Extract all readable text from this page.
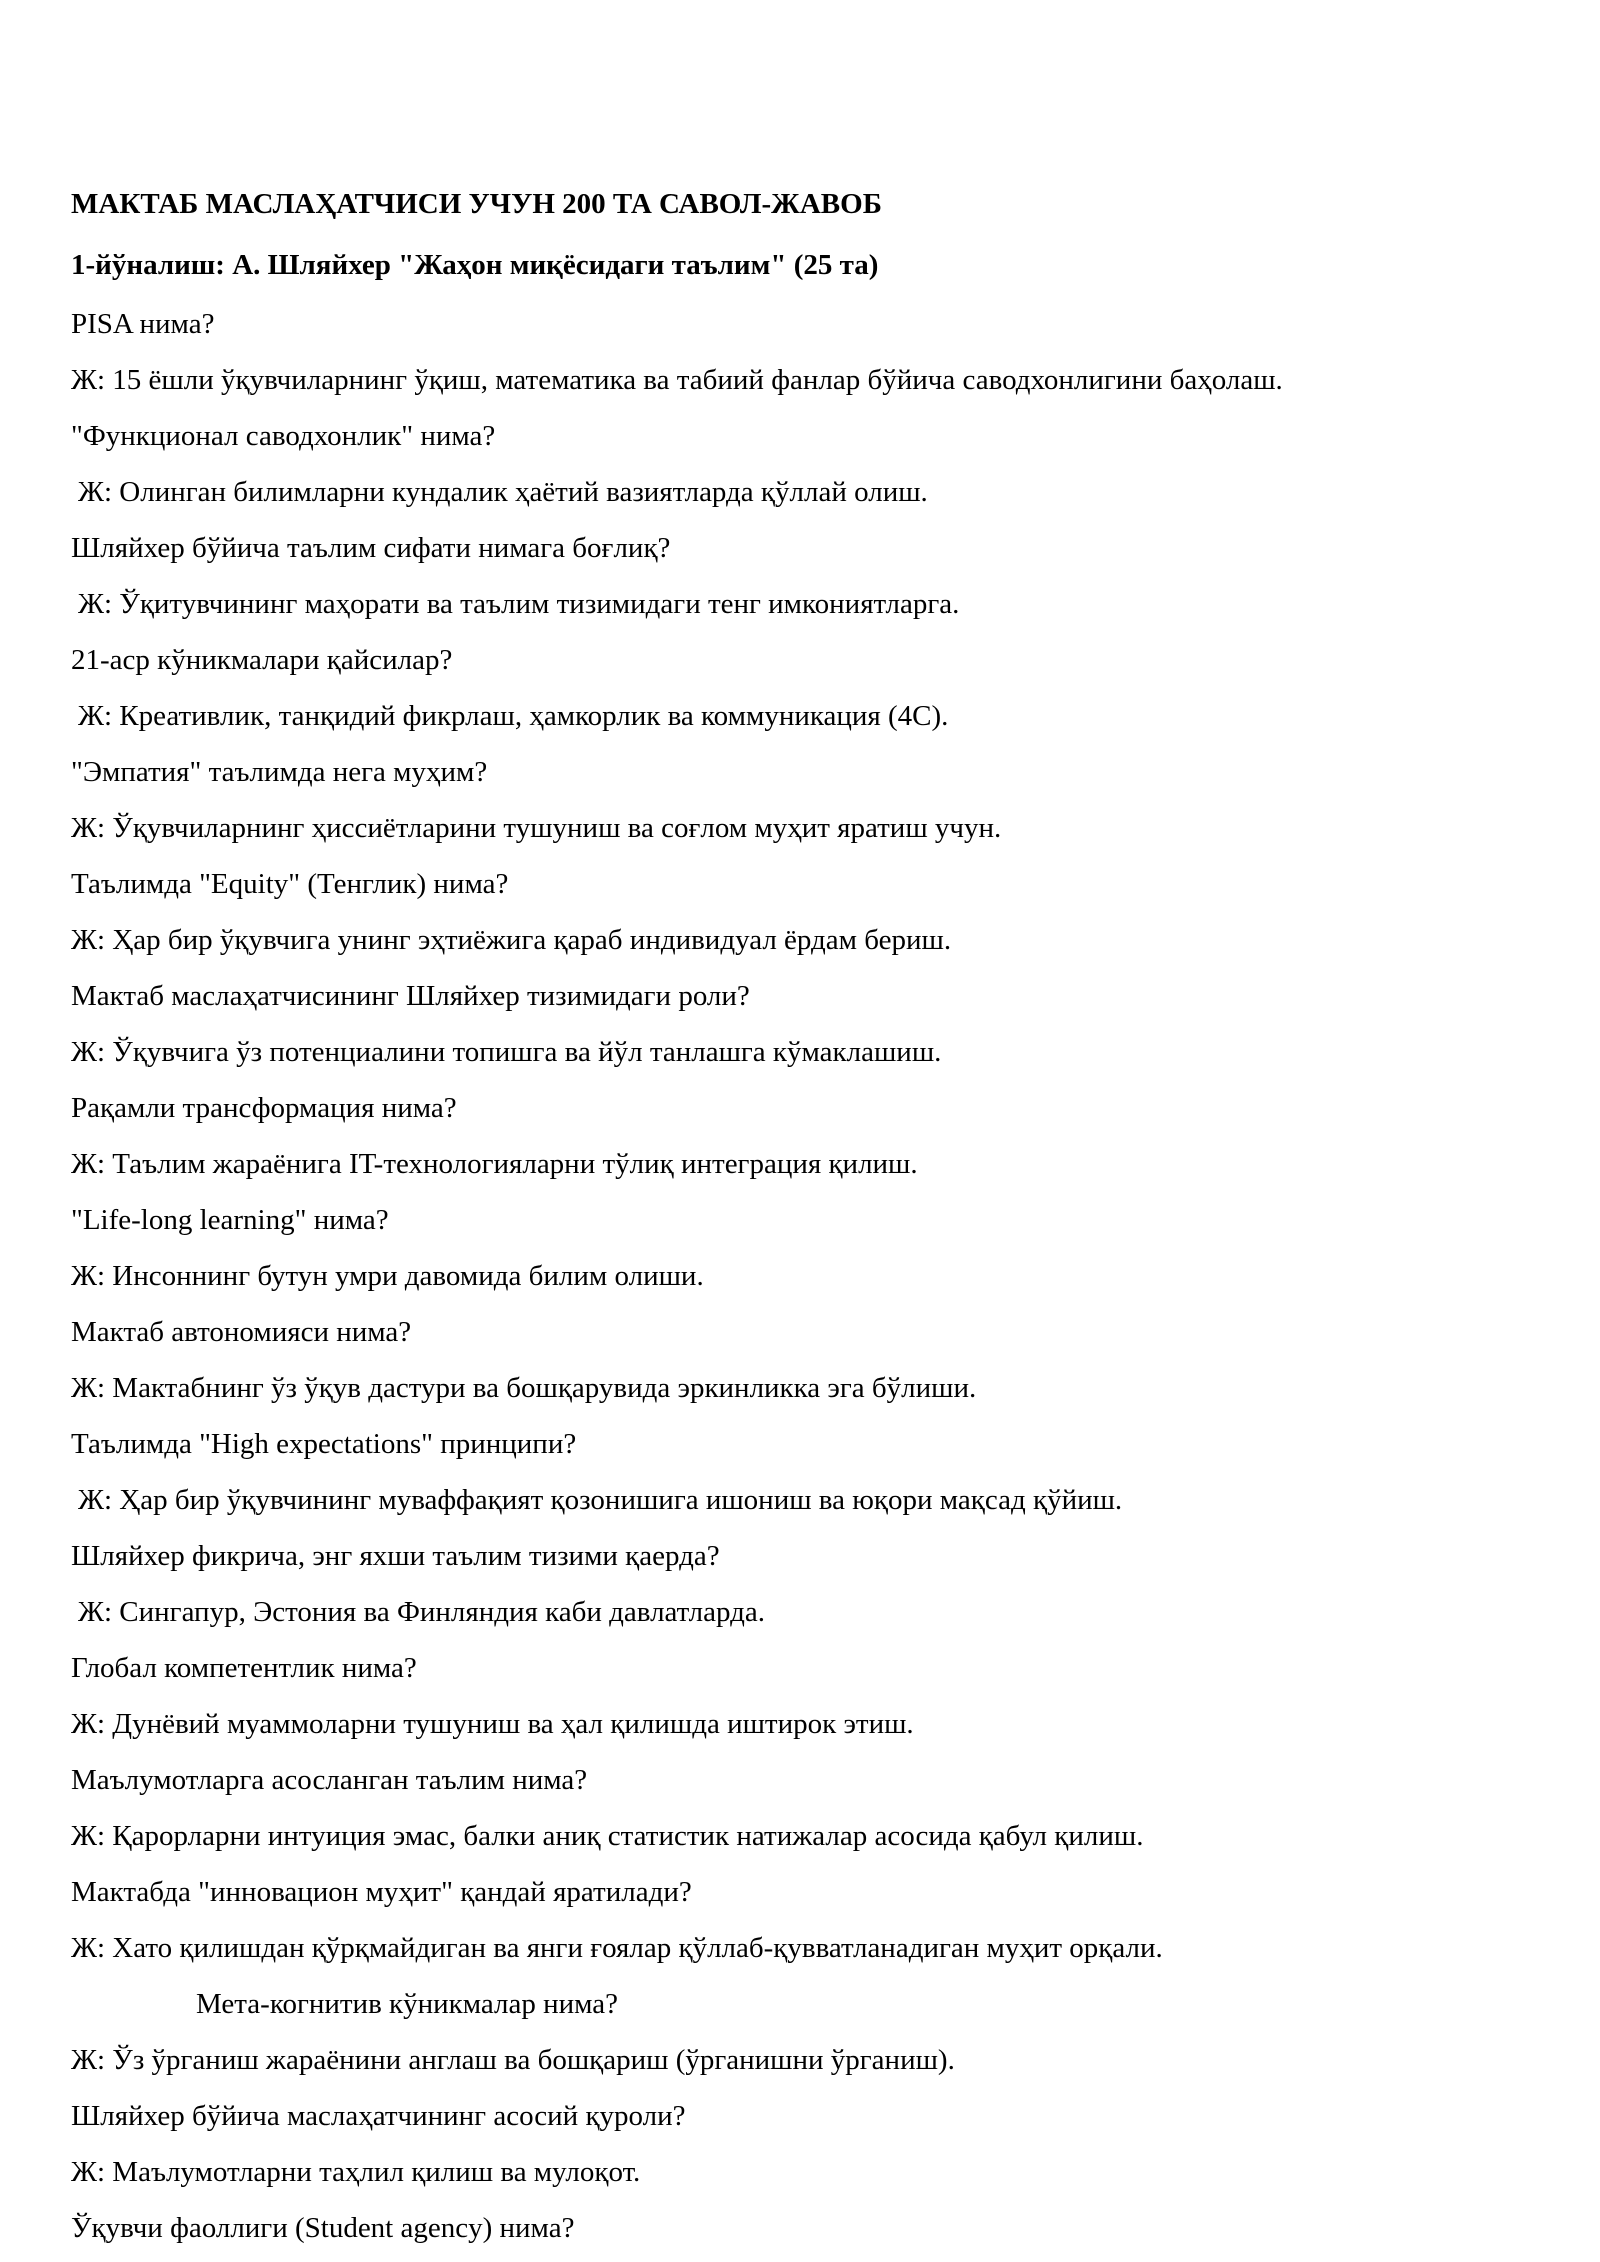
МАКТАБ МАСЛАҲАТЧИСИ УЧУН 200 ТА САВОЛ-ЖАВОБ
1-йўналиш: А. Шляйхер "Жаҳон миқёсидаги таълим" (25 та)
PISA нима?
Ж: 15 ёшли ўқувчиларнинг ўқиш, математика ва табиий фанлар бўйича саводхонлигини баҳолаш.
"Функционал саводхонлик" нима?
Ж: Олинган билимларни кундалик ҳаётий вазиятларда қўллай олиш.
Шляйхер бўйича таълим сифати нимага боғлиқ?
Ж: Ўқитувчининг маҳорати ва таълим тизимидаги тенг имкониятларга.
21-аср кўникмалари қайсилар?
Ж: Креативлик, танқидий фикрлаш, ҳамкорлик ва коммуникация (4C).
"Эмпатия" таълимда нега муҳим?
Ж: Ўқувчиларнинг ҳиссиётларини тушуниш ва соғлом муҳит яратиш учун.
Таълимда "Equity" (Тенглик) нима?
Ж: Ҳар бир ўқувчига унинг эҳтиёжига қараб индивидуал ёрдам бериш.
Мактаб маслаҳатчисининг Шляйхер тизимидаги роли?
Ж: Ўқувчига ўз потенциалини топишга ва йўл танлашга кўмаклашиш.
Рақамли трансформация нима?
Ж: Таълим жараёнига IT-технологияларни тўлиқ интеграция қилиш.
"Life-long learning" нима?
Ж: Инсоннинг бутун умри давомида билим олиши.
Мактаб автономияси нима?
Ж: Мактабнинг ўз ўқув дастури ва бошқарувида эркинликка эга бўлиши.
Таълимда "High expectations" принципи?
Ж: Ҳар бир ўқувчининг муваффақият қозонишига ишониш ва юқори мақсад қўйиш.
Шляйхер фикрича, энг яхши таълим тизими қаерда?
Ж: Сингапур, Эстония ва Финляндия каби давлатларда.
Глобал компетентлик нима?
Ж: Дунёвий муаммоларни тушуниш ва ҳал қилишда иштирок этиш.
Маълумотларга асосланган таълим нима?
Ж: Қарорларни интуиция эмас, балки аниқ статистик натижалар асосида қабул қилиш.
Мактабда "инновацион муҳит" қандай яратилади?
Ж: Хато қилишдан қўрқмайдиган ва янги ғоялар қўллаб-қувватланадиган муҳит орқали.
Мета-когнитив кўникмалар нима?
Ж: Ўз ўрганиш жараёнини англаш ва бошқариш (ўрганишни ўрганиш).
Шляйхер бўйича маслаҳатчининг асосий қуроли?
Ж: Маълумотларни таҳлил қилиш ва мулоқот.
Ўқувчи фаоллиги (Student agency) нима?
